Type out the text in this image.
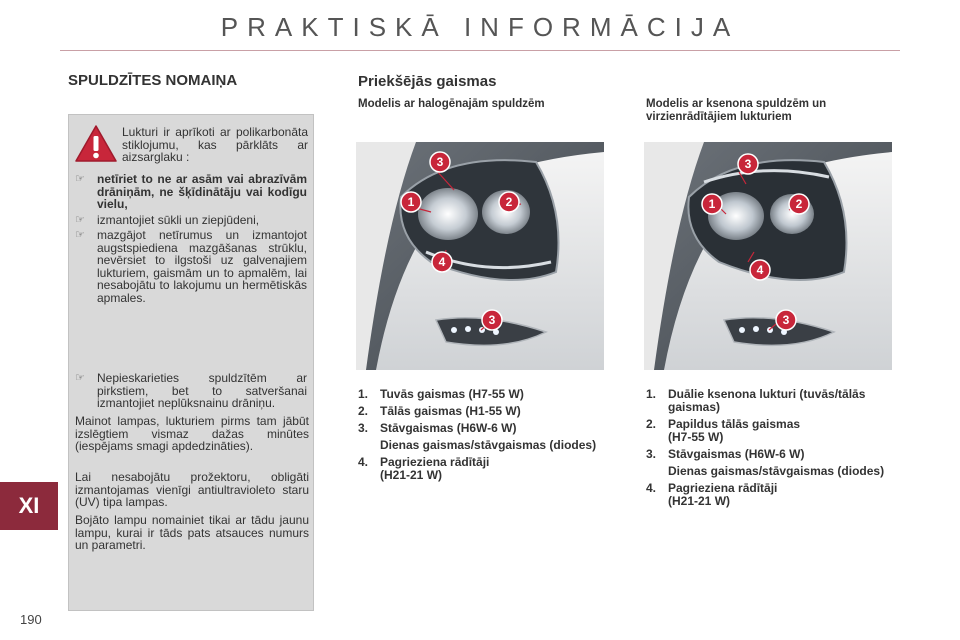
PRAKTISKĀ INFORMĀCIJA
XI
190
SPULDZĪTES NOMAIŅA
Lukturi ir aprīkoti ar polikarbonāta stiklojumu, kas pārklāts ar aizsarglaku :
☞ netīriet to ne ar asām vai abrazīvām drāniņām, ne šķīdinātāju vai kodīgu vielu,
☞ izmantojiet sūkli un ziepjūdeni,
☞ mazgājot netīrumus un izmantojot augstspiediena mazgāšanas strūklu, nevērsiet to ilgstoši uz galvenajiem lukturiem, gaismām un to apmalēm, lai nesabojātu to lakojumu un hermētiskās apmales.
☞ Nepieskarieties spuldzītēm ar pirkstiem, bet to satveršanai izmantojiet neplūksnainu drāniņu.
Mainot lampas, lukturiem pirms tam jābūt izslēgtiem vismaz dažas minūtes (iespējams smagi apdedzināties).
Lai nesabojātu prožektoru, obligāti izmantojamas vienīgi antiultravioleto staru (UV) tipa lampas.
Bojāto lampu nomainiet tikai ar tādu jaunu lampu, kurai ir tāds pats atsauces numurs un parametri.
Priekšējās gaismas
Modelis ar halogēnajām spuldzēm	Modelis ar ksenona spuldzēm un virzienrādītājiem lukturiem
3
1	2
4
3
3
1	2
4
3
1. Tuvās gaismas (H7-55 W)
2. Tālās gaismas (H1-55 W)
3. Stāvgaismas (H6W-6 W)
Dienas gaismas/stāvgaismas (diodes)
4. Pagrieziena rādītāji (H21-21 W)
1. Duālie ksenona lukturi (tuvās/tālās gaismas)
2. Papildus tālās gaismas (H7-55 W)
3. Stāvgaismas (H6W-6 W)
Dienas gaismas/stāvgaismas (diodes)
4. Pagrieziena rādītāji (H21-21 W)
